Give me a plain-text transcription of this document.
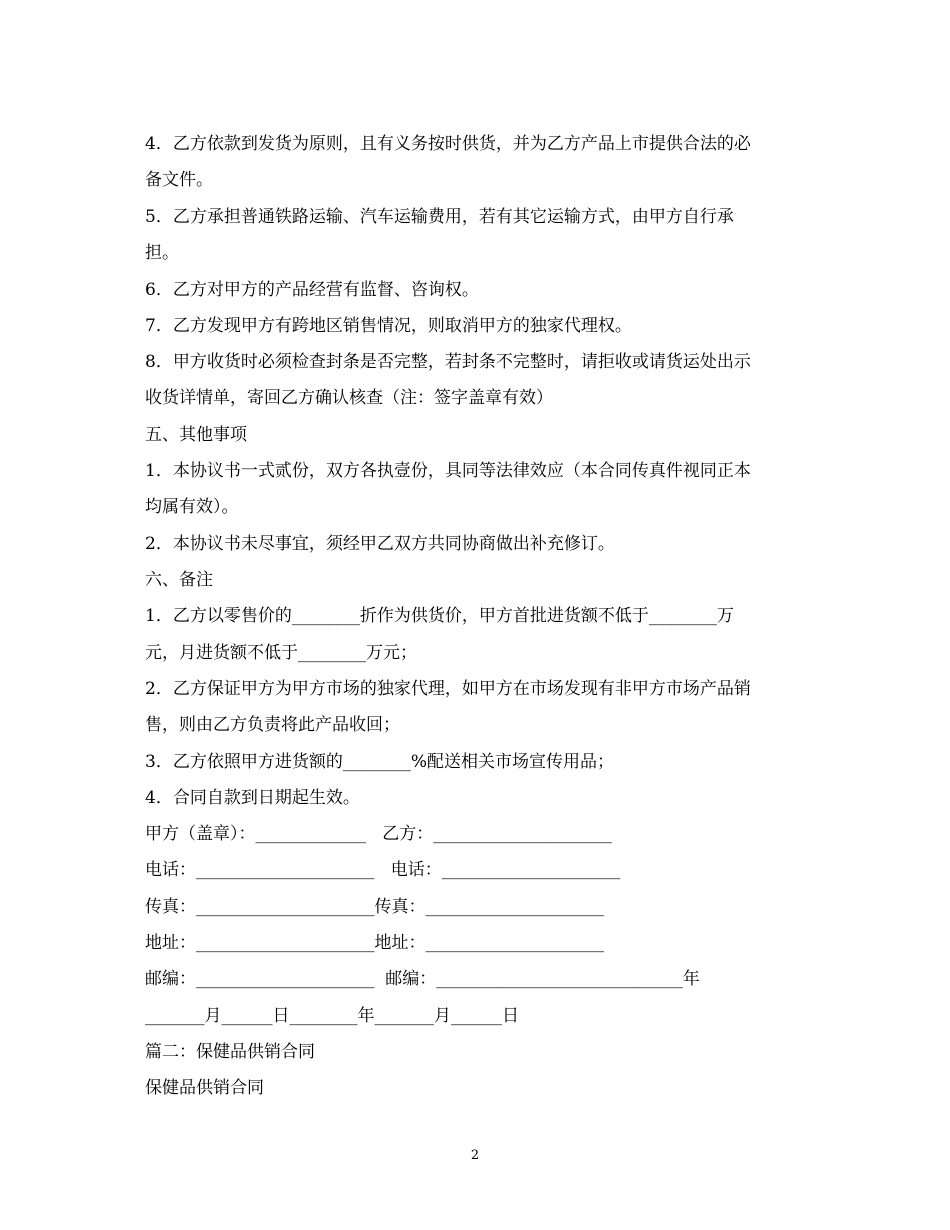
4．乙方依款到发货为原则，且有义务按时供货，并为乙方产品上市提供合法的必
备文件。
5．乙方承担普通铁路运输、汽车运输费用，若有其它运输方式，由甲方自行承
担。
6．乙方对甲方的产品经营有监督、咨询权。
7．乙方发现甲方有跨地区销售情况，则取消甲方的独家代理权。
8．甲方收货时必须检查封条是否完整，若封条不完整时，请拒收或请货运处出示
收货详情单，寄回乙方确认核查（注：签字盖章有效）
五、其他事项
1．本协议书一式贰份，双方各执壹份，具同等法律效应（本合同传真件视同正本
均属有效）。
2．本协议书未尽事宜，须经甲乙双方共同协商做出补充修订。
六、备注
1．乙方以零售价的________折作为供货价，甲方首批进货额不低于________万
元，月进货额不低于________万元；
2．乙方保证甲方为甲方市场的独家代理，如甲方在市场发现有非甲方市场产品销
售，则由乙方负责将此产品收回；
3．乙方依照甲方进货额的________%配送相关市场宣传用品；
4．合同自款到日期起生效。
甲方（盖章）：_____________   乙方：_____________________
电话：_____________________   电话：_____________________
传真：_____________________传真：_____________________
地址：_____________________地址：_____________________
邮编：_____________________  邮编：_____________________________年
_______月______日________年_______月______日
篇二：保健品供销合同
保健品供销合同
2
